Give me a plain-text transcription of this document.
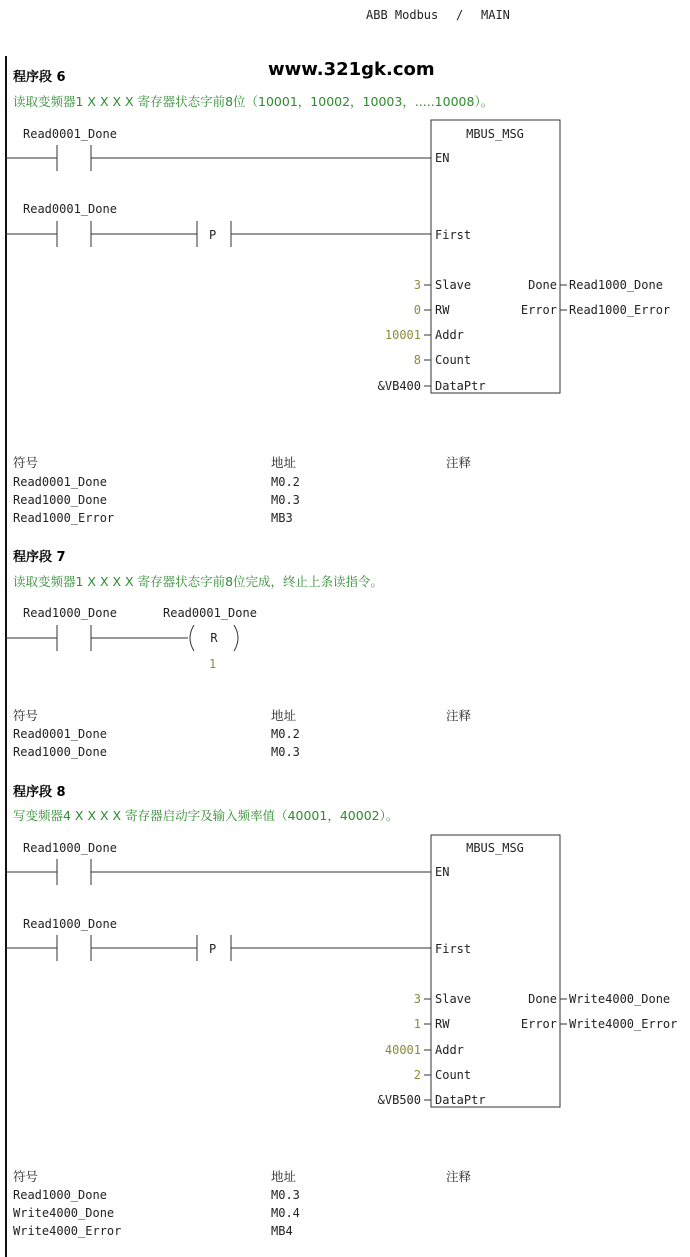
ABB Modbus / MAIN
程序段 6	www.321gk.com
读取变频器1 X X X X 寄存器状态字前8位（10001，10002，10003，.....10008）。
Read0001_Done
Read0001_Done
P
MBUS_MSG
EN
First
Slave
RW
Addr
Count
DataPtr
3
0
10001
8
&VB400
Done
Error
Read1000_Done
Read1000_Error
符号	地址	注释
Read0001_Done	M0.2
Read1000_Done	M0.3
Read1000_Error	MB3
程序段 7
读取变频器1 X X X X 寄存器状态字前8位完成，终止上条读指令。
Read1000_Done	Read0001_Done
R
1
符号	地址	注释
Read0001_Done	M0.2
Read1000_Done	M0.3
程序段 8
写变频器4 X X X X 寄存器启动字及输入频率值（40001，40002）。
Read1000_Done
Read1000_Done
P
MBUS_MSG
EN
First
Slave
RW
Addr
Count
DataPtr
3
1
40001
2
&VB500
Done
Error
Write4000_Done
Write4000_Error
符号	地址	注释
Read1000_Done	M0.3
Write4000_Done	M0.4
Write4000_Error	MB4
